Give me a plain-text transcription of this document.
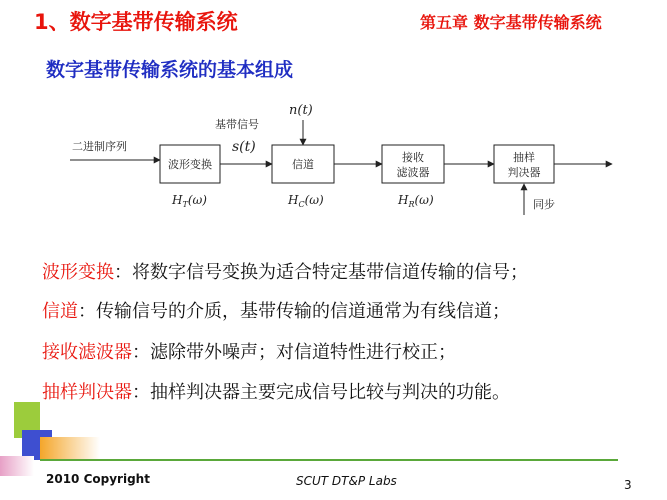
1、数字基带传输系统	第五章 数字基带传输系统
数字基带传输系统的基本组成
二进制序列
波形变换
$H_T(\omega)$
基带信号
s(t)
n(t)
信道
$H_C(\omega)$
接收
滤波器
$H_R(\omega)$
抽样
判决器
同步
波形变换：将数字信号变换为适合特定基带信道传输的信号；
信道：传输信号的介质，基带传输的信道通常为有线信道；
接收滤波器：滤除带外噪声；对信道特性进行校正；
抽样判决器：抽样判决器主要完成信号比较与判决的功能。
2010 Copyright	SCUT DT&P Labs	3
